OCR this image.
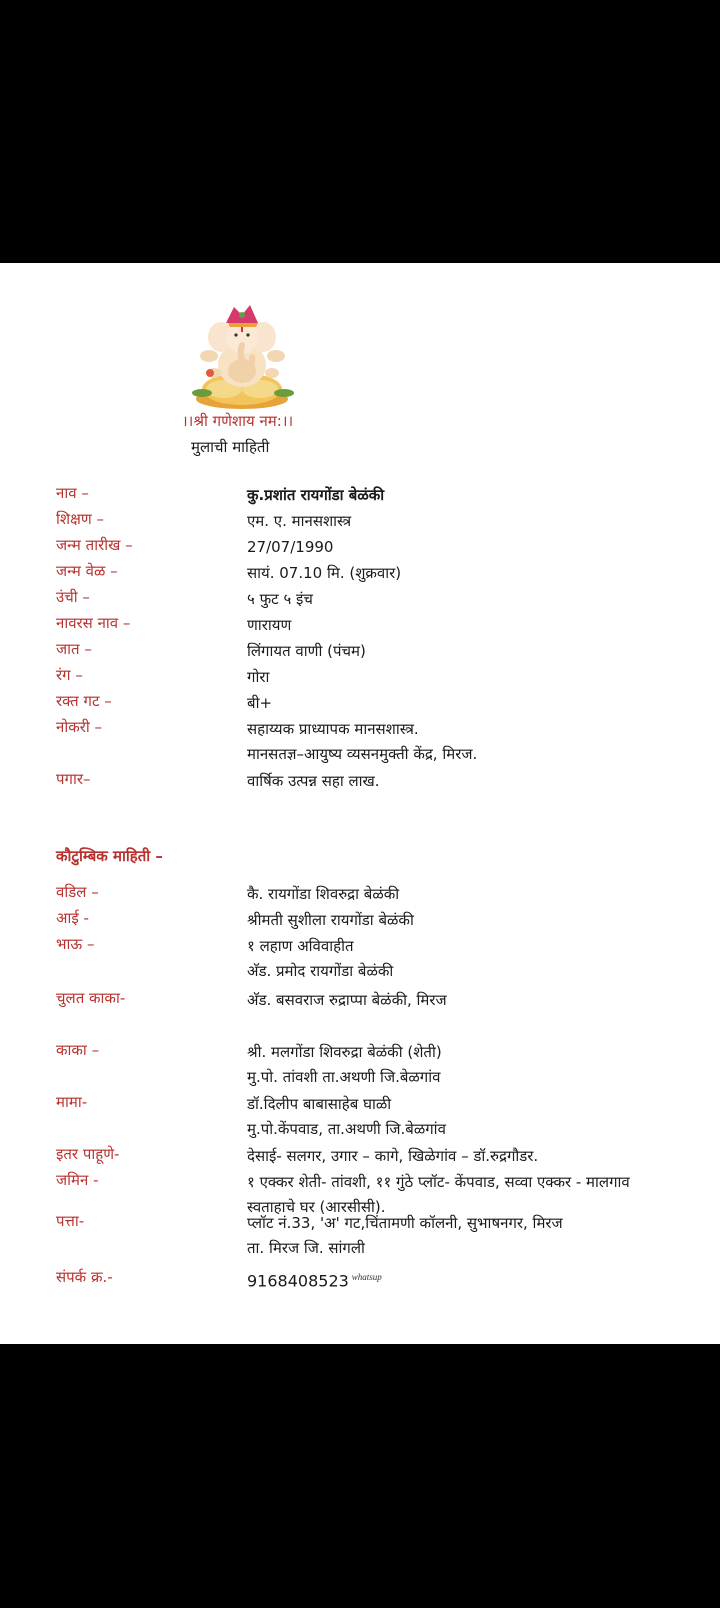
।।श्री गणेशाय नम:।।
मुलाची माहिती
नाव –	कु.प्रशांत रायगोंडा बेळंकी
शिक्षण –	एम. ए. मानसशास्त्र
जन्म तारीख –	27/07/1990
जन्म वेळ –	सायं. 07.10 मि. (शुक्रवार)
उंची –	५ फुट ५ इंच
नावरस नाव –	णारायण
जात –	लिंगायत वाणी (पंचम)
रंग –	गोरा
रक्त गट –	बी+
नोकरी –	सहाय्यक प्राध्यापक मानसशास्त्र.
मानसतज्ञ–आयुष्य व्यसनमुक्ती केंद्र, मिरज.
पगार–	वार्षिक उत्पन्न सहा लाख.
कौटुम्बिक माहिती –
वडिल –	कै. रायगोंडा शिवरुद्रा बेळंकी
आई -	श्रीमती सुशीला रायगोंडा बेळंकी
भाऊ –	१ लहाण अविवाहीत
अ‍ॅड. प्रमोद रायगोंडा बेळंकी
चुलत काका-	अ‍ॅड. बसवराज रुद्राप्पा बेळंकी, मिरज
काका –	श्री. मलगोंडा शिवरुद्रा बेळंकी (शेती)
मु.पो. तांवशी ता.अथणी जि.बेळगांव
मामा-	डॉ.दिलीप बाबासाहेब घाळी
मु.पो.केंपवाड, ता.अथणी जि.बेळगांव
इतर पाहूणे-	देसाई- सलगर, उगार – कागे, खिळेगांव – डॉ.रुद्रगौडर.
जमिन -	१ एक्कर शेती- तांवशी, ११ गुंठे प्लॉट- केंपवाड, सव्वा एक्कर - मालगाव
स्वताहाचे घर (आरसीसी).
पत्ता-	प्लॉट नं.33, 'अ' गट,चिंतामणी कॉलनी, सुभाषनगर, मिरज
ता. मिरज जि. सांगली
संपर्क क्र.-	9168408523 $^{whatsup}$
